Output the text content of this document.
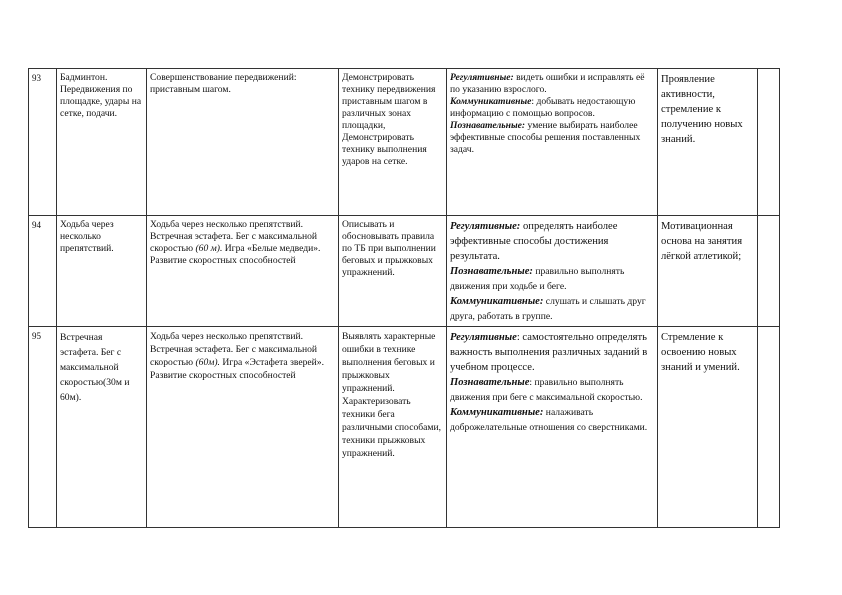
93	Бадминтон. Передвижения по площадке, удары на сетке, подачи.	Совершенствование передвижений: приставным шагом.	Демонстрировать технику передвижения приставным шагом в различных зонах площадки, Демонстрировать технику выполнения ударов на сетке.	Регулятивные: видеть ошибки и исправлять её по указанию взрослого.

Коммуникативные: добывать недостающую информацию с помощью вопросов.

Познавательные: умение выбирать наиболее эффективные способы решения поставленных задач.	Проявление активности, стремление к получению новых знаний.	
94	Ходьба через несколько препятствий.	Ходьба через несколько препятствий. Встречная эстафета. Бег с максимальной скоростью (60 м). Игра «Белые медведи». Развитие скоростных способностей	Описывать и обосновывать правила по ТБ при выполнении беговых и прыжковых упражнений.	Регулятивные: определять наиболее эффективные способы достижения результата.

Познавательные: правильно выполнять движения при ходьбе и беге.

Коммуникативные: слушать и слышать друг друга, работать в группе.	Мотивационная основа на занятия лёгкой атлетикой;	
95	Встречная эстафета. Бег с максимальной скоростью(30м и 60м).	Ходьба через несколько препятствий. Встречная эстафета. Бег с максимальной скоростью (60м). Игра «Эстафета зверей». Развитие скоростных способностей	Выявлять характерные ошибки в технике выполнения беговых и прыжковых упражнений. Характеризовать техники бега различными способами, техники прыжковых упражнений.	Регулятивные: самостоятельно определять важность выполнения различных заданий в учебном процессе.

Познавательные: правильно выполнять движения при беге с максимальной скоростью.

Коммуникативные: налаживать доброжелательные отношения со сверстниками.	Стремление к освоению новых знаний и умений.	
